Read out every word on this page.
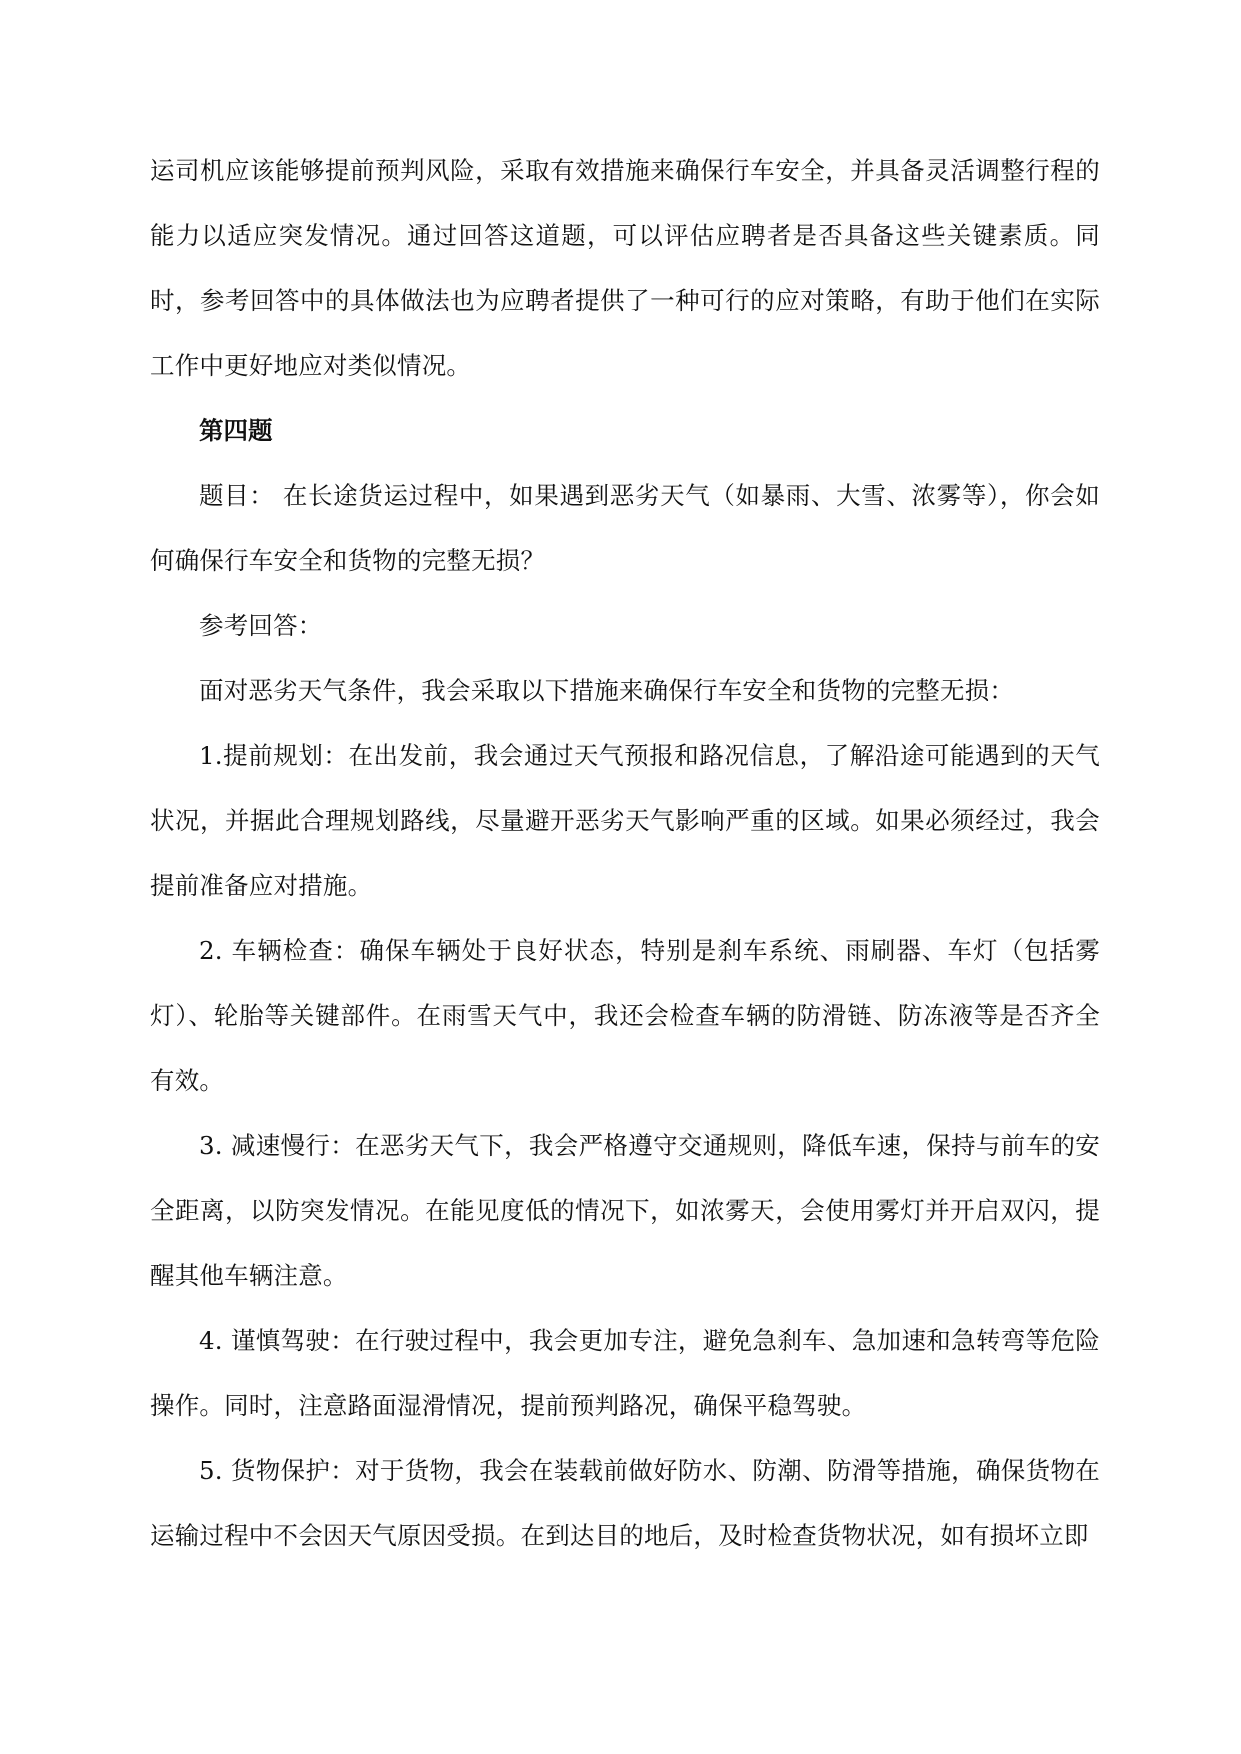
运司机应该能够提前预判风险，采取有效措施来确保行车安全，并具备灵活调整行程的能力以适应突发情况。通过回答这道题，可以评估应聘者是否具备这些关键素质。同时，参考回答中的具体做法也为应聘者提供了一种可行的应对策略，有助于他们在实际工作中更好地应对类似情况。

第四题

题目： 在长途货运过程中，如果遇到恶劣天气（如暴雨、大雪、浓雾等），你会如何确保行车安全和货物的完整无损？

参考回答：

面对恶劣天气条件，我会采取以下措施来确保行车安全和货物的完整无损：

1.提前规划：在出发前，我会通过天气预报和路况信息，了解沿途可能遇到的天气状况，并据此合理规划路线，尽量避开恶劣天气影响严重的区域。如果必须经过，我会提前准备应对措施。

2. 车辆检查：确保车辆处于良好状态，特别是刹车系统、雨刷器、车灯（包括雾灯）、轮胎等关键部件。在雨雪天气中，我还会检查车辆的防滑链、防冻液等是否齐全有效。

3. 减速慢行：在恶劣天气下，我会严格遵守交通规则，降低车速，保持与前车的安全距离，以防突发情况。在能见度低的情况下，如浓雾天，会使用雾灯并开启双闪，提醒其他车辆注意。

4. 谨慎驾驶：在行驶过程中，我会更加专注，避免急刹车、急加速和急转弯等危险操作。同时，注意路面湿滑情况，提前预判路况，确保平稳驾驶。

5. 货物保护：对于货物，我会在装载前做好防水、防潮、防滑等措施，确保货物在运输过程中不会因天气原因受损。在到达目的地后，及时检查货物状况，如有损坏立即
